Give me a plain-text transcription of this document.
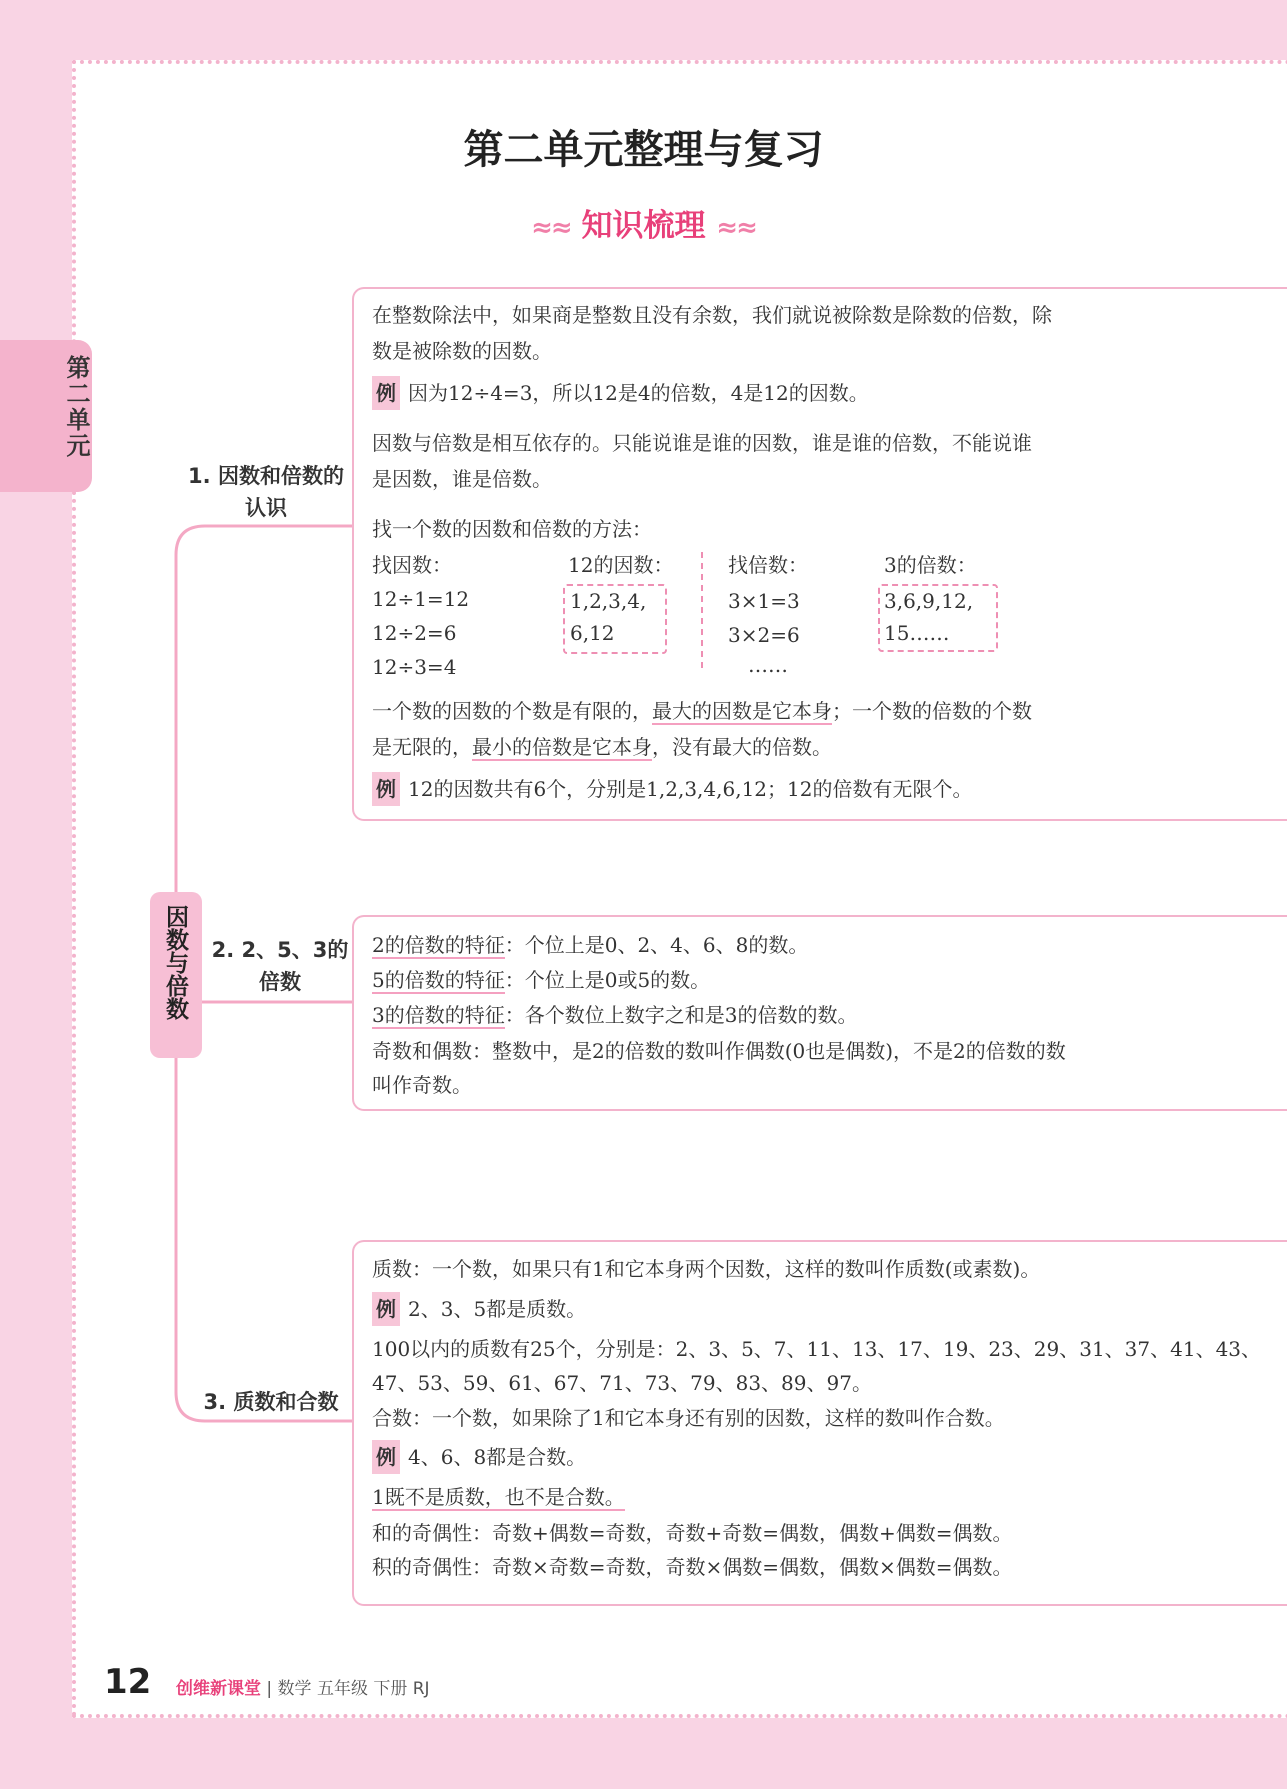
第二单元
第二单元整理与复习
≈≈ 知识梳理 ≈≈
因数与倍数
1. 因数和倍数的认识
2. 2、5、3的倍数
3. 质数和合数
在整数除法中，如果商是整数且没有余数，我们就说被除数是除数的倍数，除
数是被除数的因数。
例 因为12÷4=3，所以12是4的倍数，4是12的因数。
因数与倍数是相互依存的。只能说谁是谁的因数，谁是谁的倍数，不能说谁
是因数，谁是倍数。
找一个数的因数和倍数的方法：
找因数：	12的因数：
12÷1=12
12÷2=6
12÷3=4
1,2,3,4,
6,12
找倍数：	3的倍数：
3×1=3
3×2=6
……
3,6,9,12,
15……
一个数的因数的个数是有限的，最大的因数是它本身；一个数的倍数的个数
是无限的，最小的倍数是它本身，没有最大的倍数。
例 12的因数共有6个，分别是1,2,3,4,6,12；12的倍数有无限个。
2的倍数的特征：个位上是0、2、4、6、8的数。
5的倍数的特征：个位上是0或5的数。
3的倍数的特征：各个数位上数字之和是3的倍数的数。
奇数和偶数：整数中，是2的倍数的数叫作偶数(0也是偶数)，不是2的倍数的数
叫作奇数。
质数：一个数，如果只有1和它本身两个因数，这样的数叫作质数(或素数)。
例 2、3、5都是质数。
100以内的质数有25个，分别是：2、3、5、7、11、13、17、19、23、29、31、37、41、43、
47、53、59、61、67、71、73、79、83、89、97。
合数：一个数，如果除了1和它本身还有别的因数，这样的数叫作合数。
例 4、6、8都是合数。
1既不是质数，也不是合数。
和的奇偶性：奇数+偶数=奇数，奇数+奇数=偶数，偶数+偶数=偶数。
积的奇偶性：奇数×奇数=奇数，奇数×偶数=偶数，偶数×偶数=偶数。
12 创维新课堂 | 数学 五年级 下册 RJ
